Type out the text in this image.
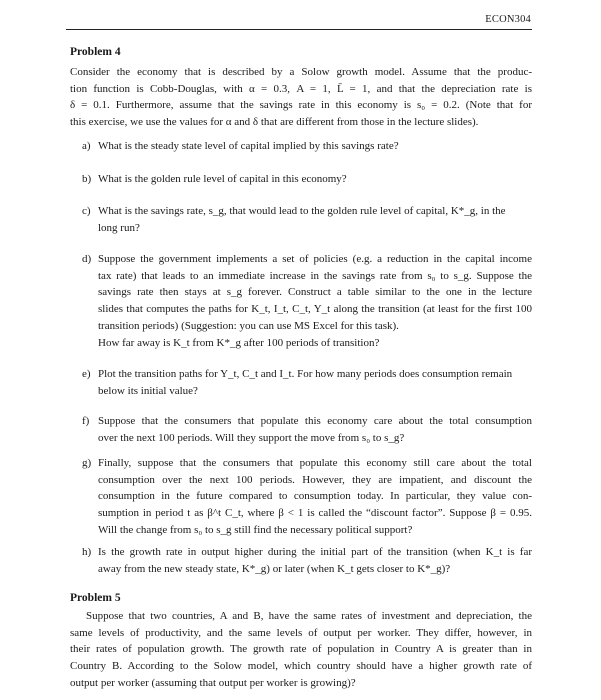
ECON304
Problem 4
Consider the economy that is described by a Solow growth model. Assume that the produc-
tion function is Cobb-Douglas, with α = 0.3, A = 1, L̄ = 1, and that the depreciation rate is
δ = 0.1. Furthermore, assume that the savings rate in this economy is s₀ = 0.2. (Note that for
this exercise, we use the values for α and δ that are different from those in the lecture slides).
a) What is the steady state level of capital implied by this savings rate?
b) What is the golden rule level of capital in this economy?
c) What is the savings rate, s_g, that would lead to the golden rule level of capital, K*_g, in the
long run?
d) Suppose the government implements a set of policies (e.g. a reduction in the capital income
tax rate) that leads to an immediate increase in the savings rate from s₀ to s_g. Suppose the
savings rate then stays at s_g forever. Construct a table similar to the one in the lecture
slides that computes the paths for K_t, I_t, C_t, Y_t along the transition (at least for the first 100
transition periods) (Suggestion: you can use MS Excel for this task).
How far away is K_t from K*_g after 100 periods of transition?
e) Plot the transition paths for Y_t, C_t and I_t. For how many periods does consumption remain
below its initial value?
f) Suppose that the consumers that populate this economy care about the total consumption
over the next 100 periods. Will they support the move from s₀ to s_g?
g) Finally, suppose that the consumers that populate this economy still care about the total
consumption over the next 100 periods. However, they are impatient, and discount the
consumption in the future compared to consumption today. In particular, they value con-
sumption in period t as β^t C_t, where β < 1 is called the “discount factor”. Suppose β = 0.95.
Will the change from s₀ to s_g still find the necessary political support?
h) Is the growth rate in output higher during the initial part of the transition (when K_t is far
away from the new steady state, K*_g) or later (when K_t gets closer to K*_g)?
Problem 5
Suppose that two countries, A and B, have the same rates of investment and depreciation, the
same levels of productivity, and the same levels of output per worker. They differ, however, in
their rates of population growth. The growth rate of population in Country A is greater than in
Country B. According to the Solow model, which country should have a higher growth rate of
output per worker (assuming that output per worker is growing)?
